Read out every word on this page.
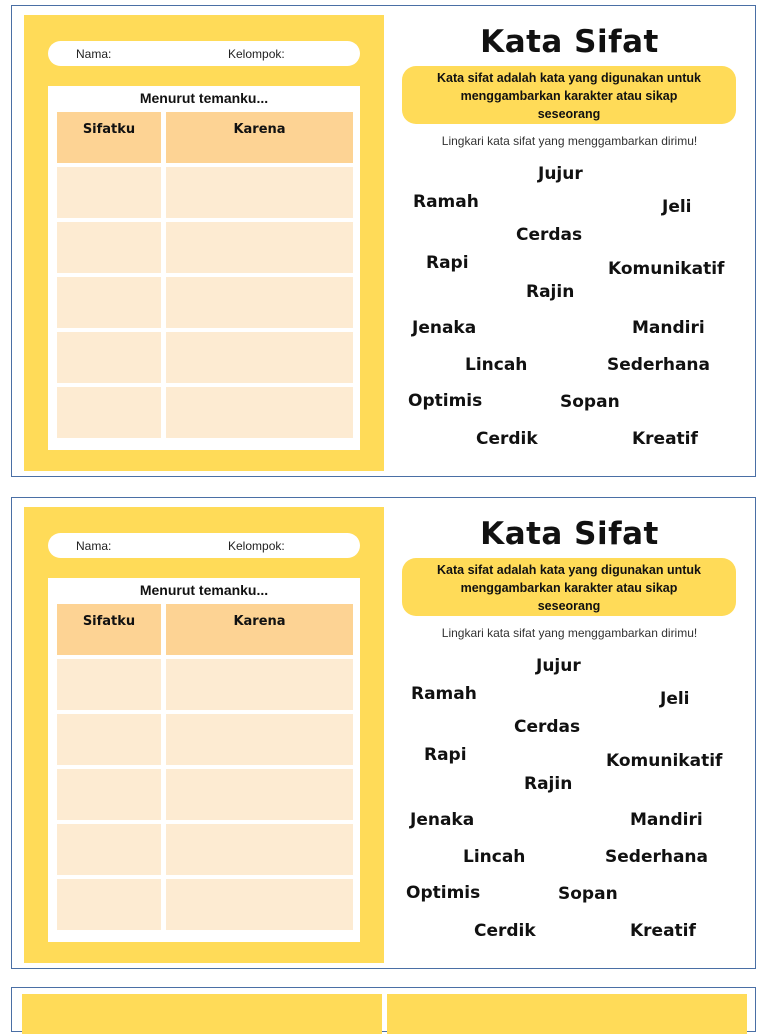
Nama:	Kelompok:
Menurut temanku...
Sifatku	Karena
Kata Sifat
Kata sifat adalah kata yang digunakan untuk
menggambarkan karakter atau sikap
seseorang
Lingkari kata sifat yang menggambarkan dirimu!
Jujur
Ramah	Jeli
Cerdas
Rapi	Komunikatif
Rajin
Jenaka	Mandiri
Lincah	Sederhana
Optimis	Sopan
Cerdik	Kreatif
Nama:	Kelompok:
Menurut temanku...
Sifatku	Karena
Kata Sifat
Kata sifat adalah kata yang digunakan untuk
menggambarkan karakter atau sikap
seseorang
Lingkari kata sifat yang menggambarkan dirimu!
Jujur
Ramah	Jeli
Cerdas
Rapi	Komunikatif
Rajin
Jenaka	Mandiri
Lincah	Sederhana
Optimis	Sopan
Cerdik	Kreatif
